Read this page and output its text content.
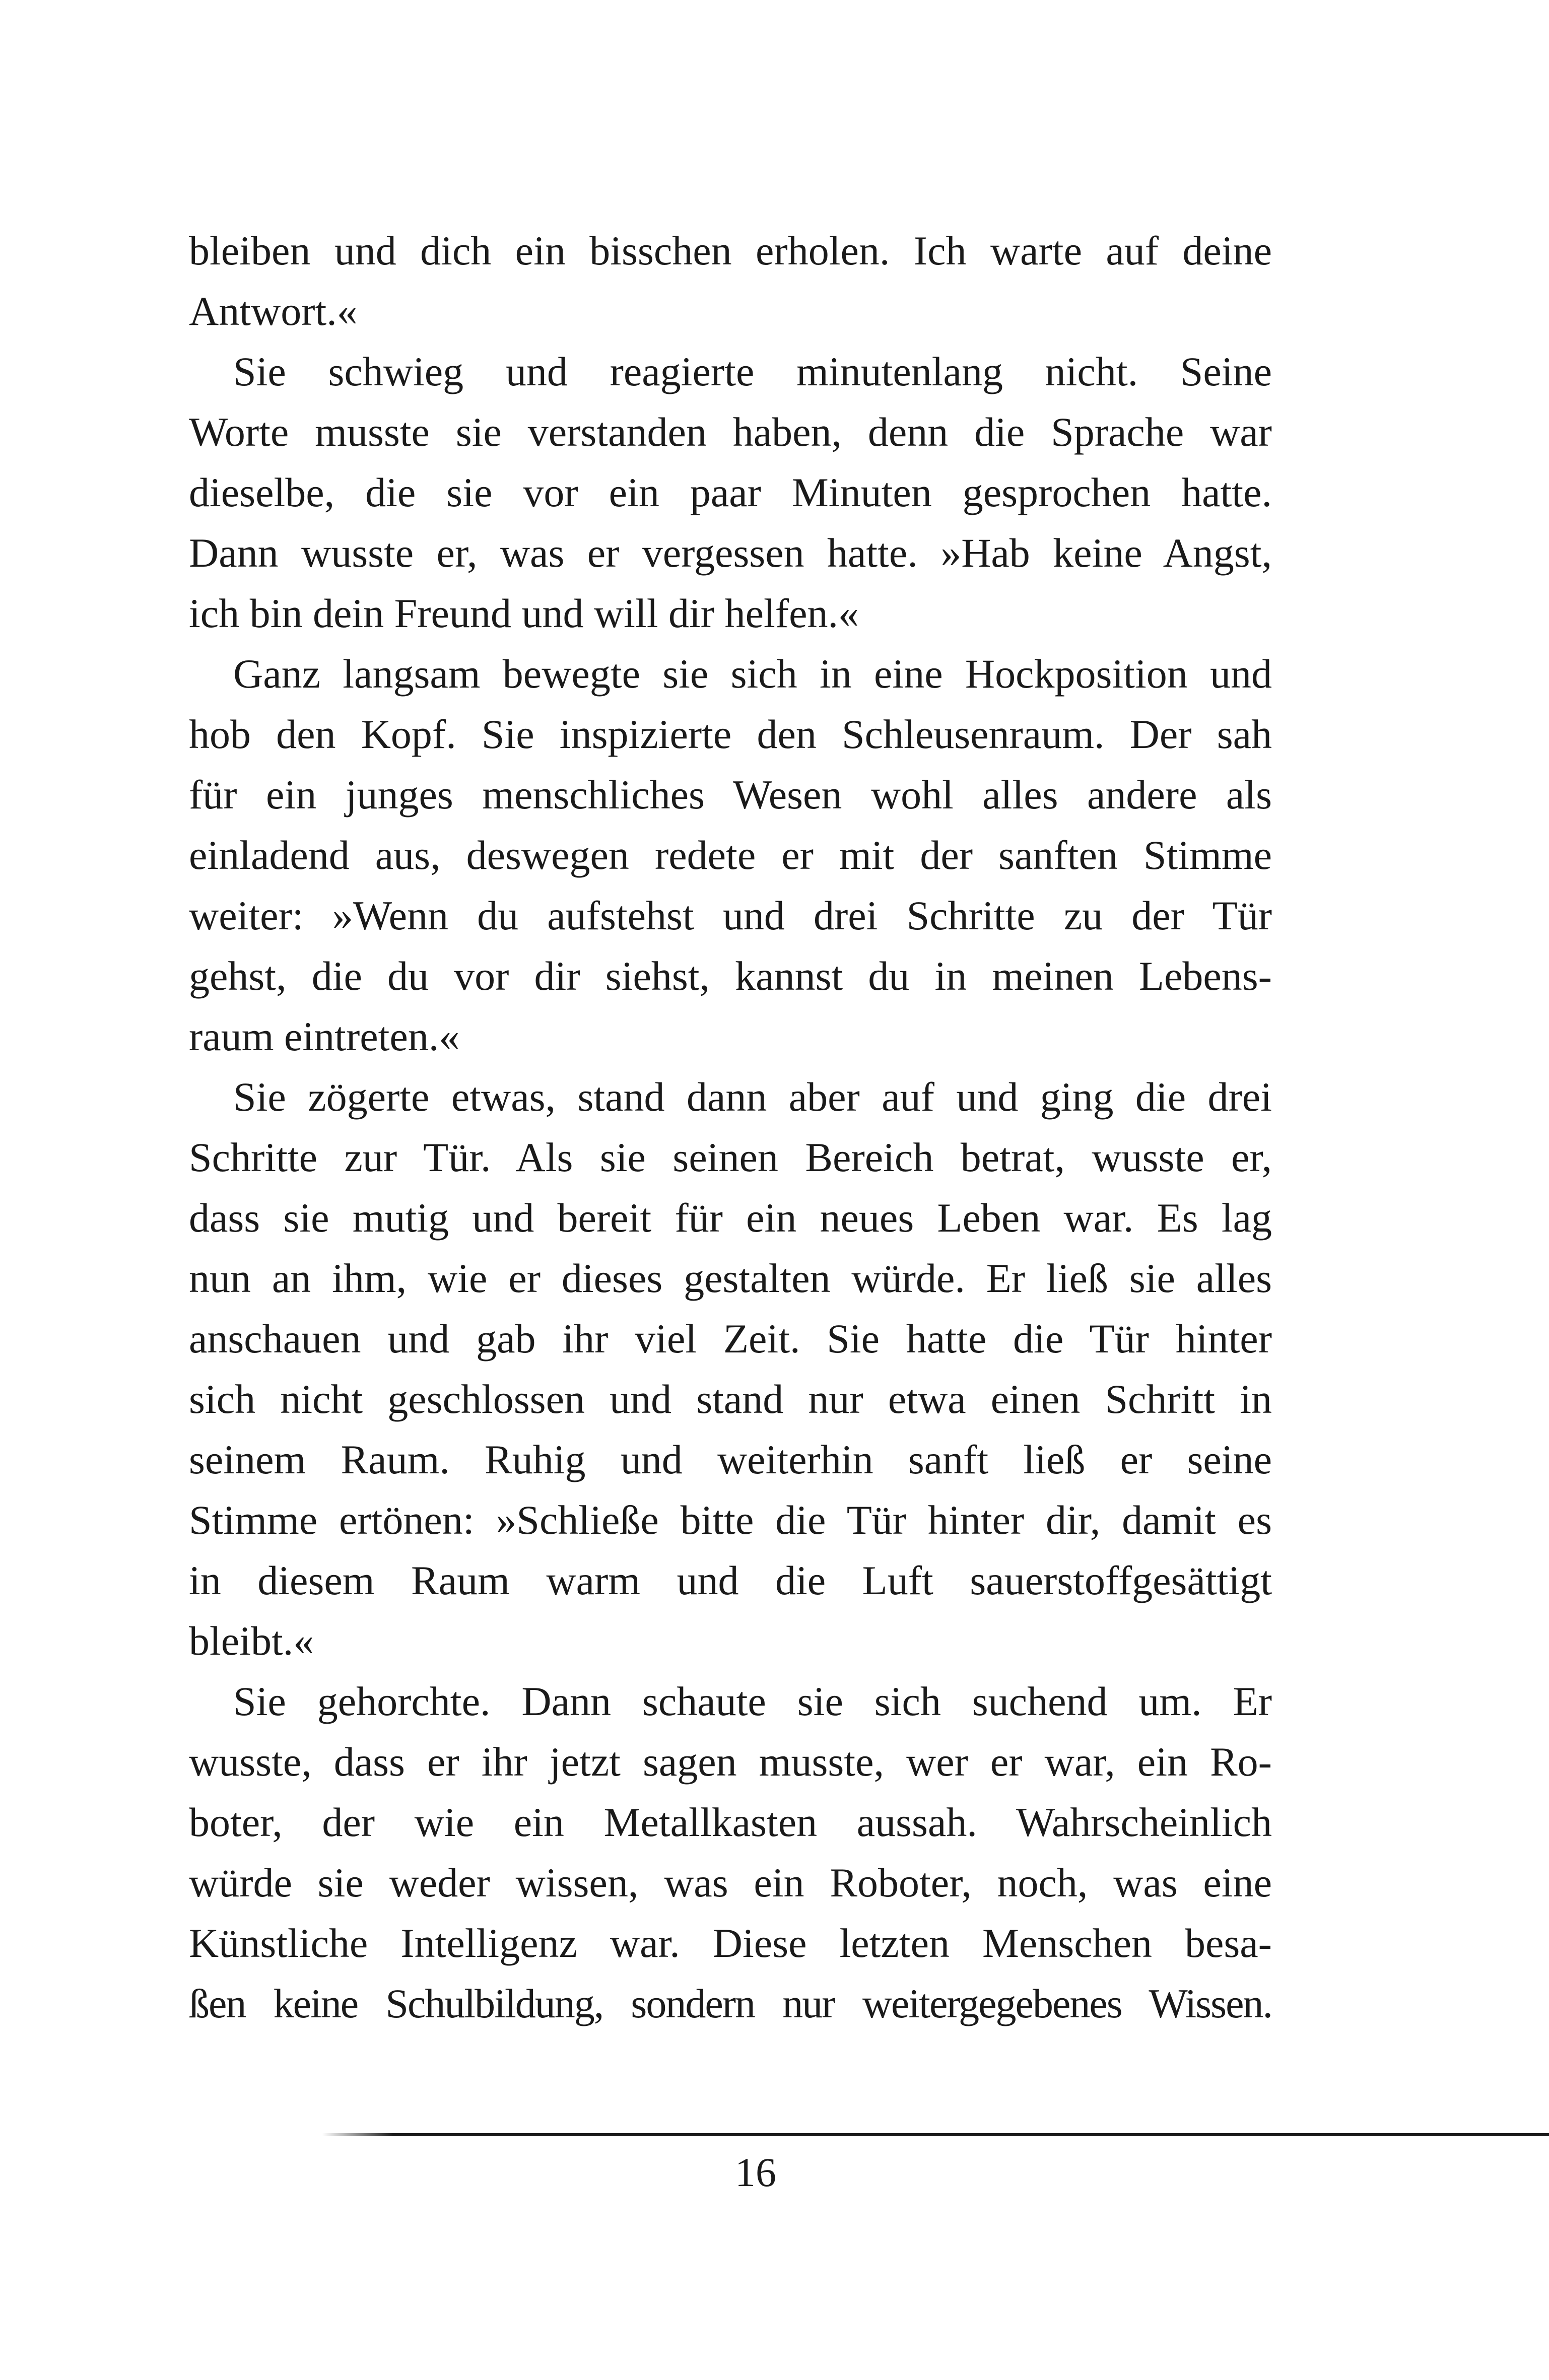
bleiben und dich ein bisschen erholen. Ich warte auf deine
Antwort.«

Sie schwieg und reagierte minutenlang nicht. Seine
Worte musste sie verstanden haben, denn die Sprache war
dieselbe, die sie vor ein paar Minuten gesprochen hatte.
Dann wusste er, was er vergessen hatte. »Hab keine Angst,
ich bin dein Freund und will dir helfen.«

Ganz langsam bewegte sie sich in eine Hockposition und
hob den Kopf. Sie inspizierte den Schleusenraum. Der sah
für ein junges menschliches Wesen wohl alles andere als
einladend aus, deswegen redete er mit der sanften Stimme
weiter: »Wenn du aufstehst und drei Schritte zu der Tür
gehst, die du vor dir siehst, kannst du in meinen Lebens-
raum eintreten.«

Sie zögerte etwas, stand dann aber auf und ging die drei
Schritte zur Tür. Als sie seinen Bereich betrat, wusste er,
dass sie mutig und bereit für ein neues Leben war. Es lag
nun an ihm, wie er dieses gestalten würde. Er ließ sie alles
anschauen und gab ihr viel Zeit. Sie hatte die Tür hinter
sich nicht geschlossen und stand nur etwa einen Schritt in
seinem Raum. Ruhig und weiterhin sanft ließ er seine
Stimme ertönen: »Schließe bitte die Tür hinter dir, damit es
in diesem Raum warm und die Luft sauerstoffgesättigt
bleibt.«

Sie gehorchte. Dann schaute sie sich suchend um. Er
wusste, dass er ihr jetzt sagen musste, wer er war, ein Ro-
boter, der wie ein Metallkasten aussah. Wahrscheinlich
würde sie weder wissen, was ein Roboter, noch, was eine
Künstliche Intelligenz war. Diese letzten Menschen besa-
ßen keine Schulbildung, sondern nur weitergegebenes Wissen.

16
